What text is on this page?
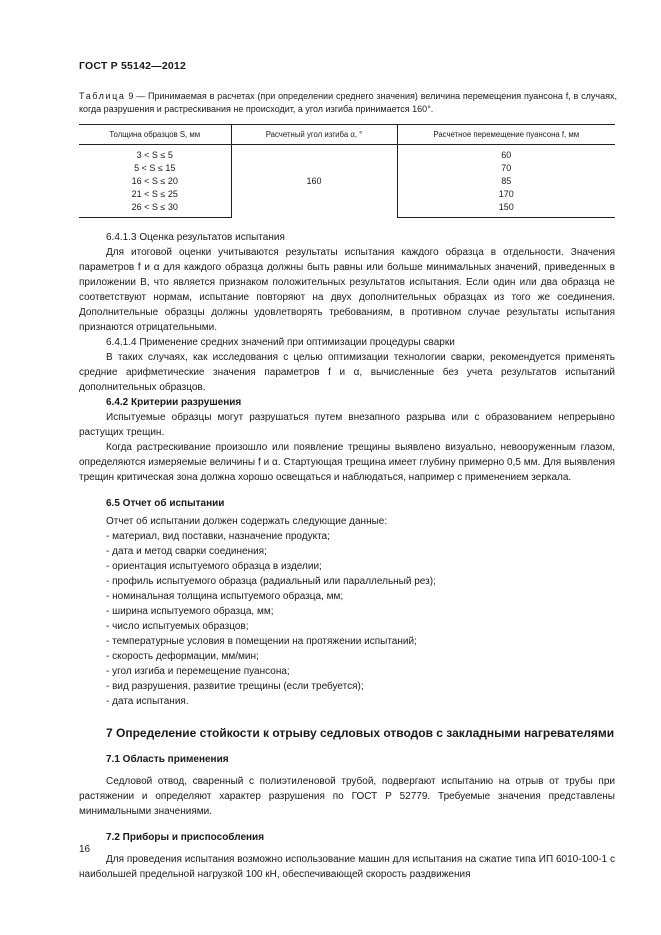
ГОСТ Р 55142—2012
Таблица 9 — Принимаемая в расчетах (при определении среднего значения) величина перемещения пуансона f, в случаях, когда разрушения и растрескивания не происходит, а угол изгиба принимается 160°.
Толщина образцов S, мм	Расчетный угол изгиба α, °	Расчетное перемещение пуансона f, мм
3 < S ≤ 5	160	60
5 < S ≤ 15		70
16 < S ≤ 20		85
21 < S ≤ 25		170
26 < S ≤ 30		150

6.4.1.3 Оценка результатов испытания

Для итоговой оценки учитываются результаты испытания каждого образца в отдельности. Значения параметров f и α для каждого образца должны быть равны или больше минимальных значений, приведенных в приложении В, что является признаком положительных результатов испытания. Если один или два образца не соответствуют нормам, испытание повторяют на двух дополнительных образцах из того же соединения. Дополнительные образцы должны удовлетворять требованиям, в противном случае результаты испытания признаются отрицательными.

6.4.1.4 Применение средних значений при оптимизации процедуры сварки

В таких случаях, как исследования с целью оптимизации технологии сварки, рекомендуется применять средние арифметические значения параметров f и α, вычисленные без учета результатов испытаний дополнительных образцов.

6.4.2 Критерии разрушения

Испытуемые образцы могут разрушаться путем внезапного разрыва или с образованием непрерывно растущих трещин.

Когда растрескивание произошло или появление трещины выявлено визуально, невооруженным глазом, определяются измеряемые величины f и α. Стартующая трещина имеет глубину примерно 0,5 мм. Для выявления трещин критическая зона должна хорошо освещаться и наблюдаться, например с применением зеркала.

6.5 Отчет об испытании

Отчет об испытании должен содержать следующие данные:

- материал, вид поставки, назначение продукта;
- дата и метод сварки соединения;
- ориентация испытуемого образца в изделии;
- профиль испытуемого образца (радиальный или параллельный рез);
- номинальная толщина испытуемого образца, мм;
- ширина испытуемого образца, мм;
- число испытуемых образцов;
- температурные условия в помещении на протяжении испытаний;
- скорость деформации, мм/мин;
- угол изгиба и перемещение пуансона;
- вид разрушения, развитие трещины (если требуется);
- дата испытания.
7 Определение стойкости к отрыву седловых отводов с закладными нагревателями

7.1 Область применения

Седловой отвод, сваренный с полиэтиленовой трубой, подвергают испытанию на отрыв от трубы при растяжении и определяют характер разрушения по ГОСТ Р 52779. Требуемые значения представлены минимальными значениями.

7.2 Приборы и приспособления

Для проведения испытания возможно использование машин для испытания на сжатие типа ИП 6010-100-1 с наибольшей предельной нагрузкой 100 кН, обеспечивающей скорость раздвижения

16
